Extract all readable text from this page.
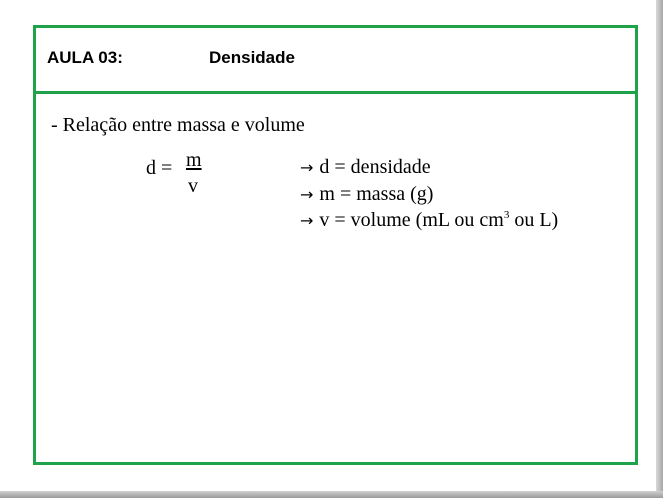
AULA 03:	Densidade
- Relação entre massa e volume
d = m
v
→ d = densidade
→ m = massa (g)
→ v = volume (mL ou $cm^3$ ou L)
